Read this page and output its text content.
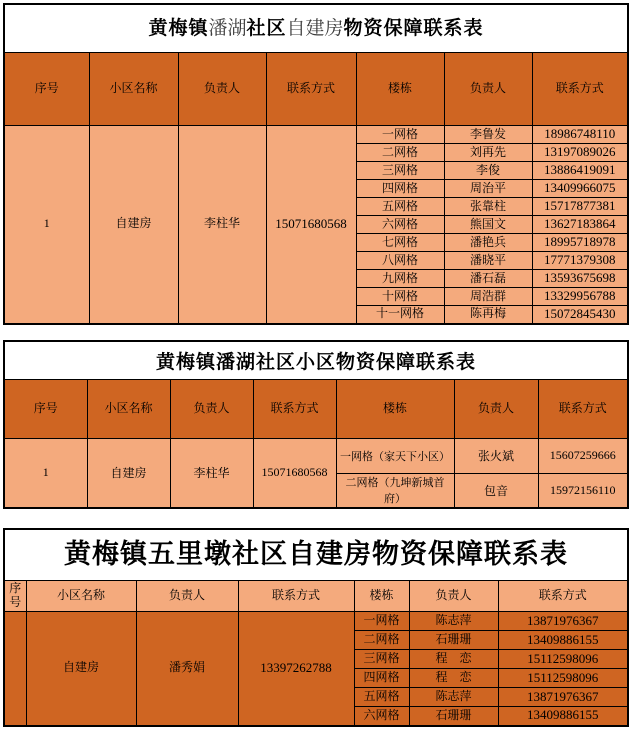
黄梅镇潘湖社区自建房物资保障联系表						
序号	小区名称	负责人	联系方式	楼栋	负责人	联系方式
1	自建房	李柱华	15071680568	一网格	李鲁发	18986748110
				二网格	刘再先	13197089026
				三网格	李俊	13886419091
				四网格	周治平	13409966075
				五网格	张靠柱	15717877381
				六网格	熊国文	13627183864
				七网格	潘艳兵	18995718978
				八网格	潘晓平	17771379308
				九网格	潘石磊	13593675698
				十网格	周浩群	13329956788
				十一网格	陈再梅	15072845430
黄梅镇潘湖社区小区物资保障联系表						
序号	小区名称	负责人	联系方式	楼栋	负责人	联系方式
1	自建房	李柱华	15071680568	一网格（家天下小区）	张火斌	15607259666
				二网格（九坤新城首府）	包音	15972156110
黄梅镇五里墩社区自建房物资保障联系表						
序号	小区名称	负责人	联系方式	楼栋	负责人	联系方式
	自建房	潘秀娟	13397262788	一网格	陈志萍	13871976367
				二网格	石珊珊	13409886155
				三网格	程　恋	15112598096
				四网格	程　恋	15112598096
				五网格	陈志萍	13871976367
				六网格	石珊珊	13409886155
